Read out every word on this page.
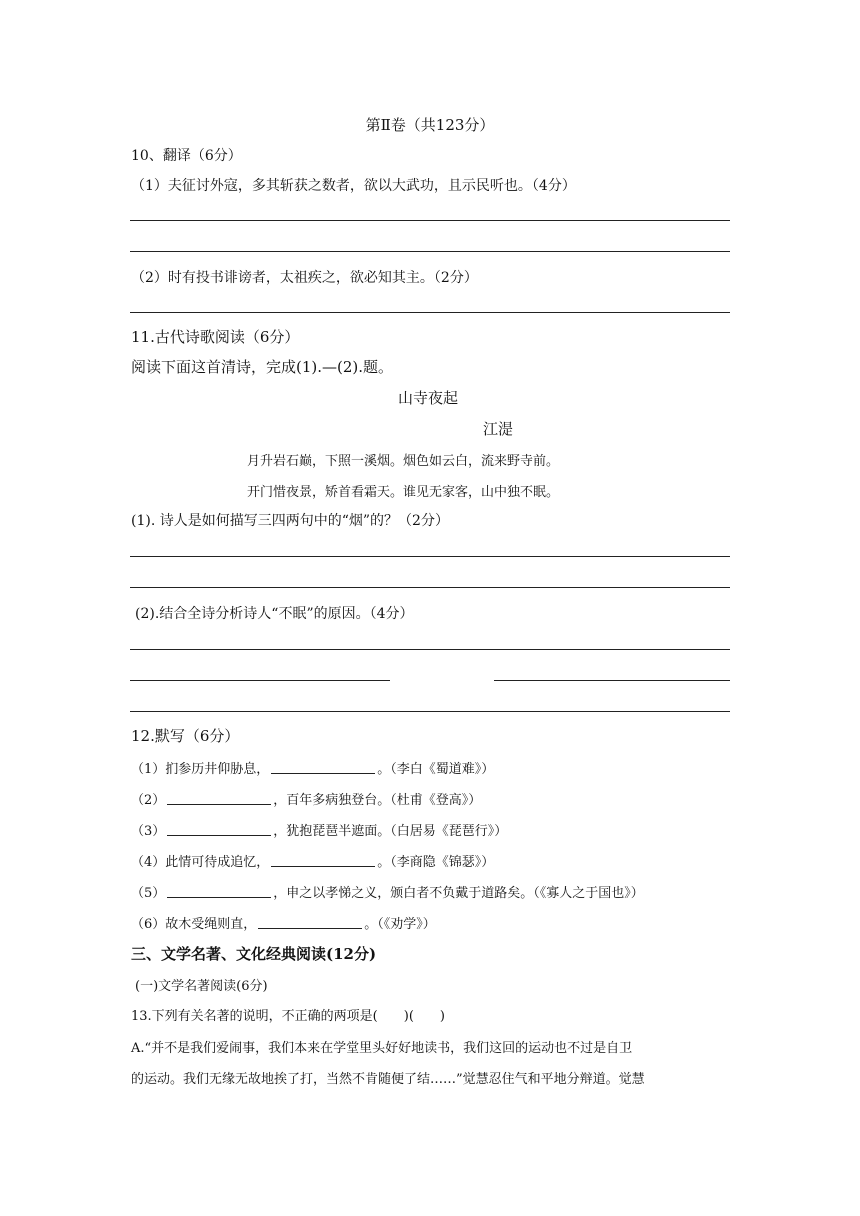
第Ⅱ卷（共123分）
10、翻译（6分）
（1）夫征讨外寇，多其斩获之数者，欲以大武功，且示民听也。（4分）
（2）时有投书诽谤者，太祖疾之，欲必知其主。（2分）
11.古代诗歌阅读（6分）
阅读下面这首清诗，完成(1).—(2).题。
山寺夜起
江湜
月升岩石巅，下照一溪烟。烟色如云白，流来野寺前。
开门惜夜景，矫首看霜天。谁见无家客，山中独不眠。
(1). 诗人是如何描写三四两句中的“烟”的？（2分）
(2).结合全诗分析诗人“不眠”的原因。（4分）
12.默写（6分）
（1）扪参历井仰胁息，	。（李白《蜀道难》）
（2）	，百年多病独登台。（杜甫《登高》）
（3）	，犹抱琵琶半遮面。（白居易《琵琶行》）
（4）此情可待成追忆，	。（李商隐《锦瑟》）
（5）	，申之以孝悌之义，颁白者不负戴于道路矣。（《寡人之于国也》）
（6）故木受绳则直，	。（《劝学》）
三、文学名著、文化经典阅读(12分)
(一)文学名著阅读(6分)
13.下列有关名著的说明，不正确的两项是(　　)(　　)
A.“并不是我们爱闹事，我们本来在学堂里头好好地读书，我们这回的运动也不过是自卫
的运动。我们无缘无故地挨了打，当然不肯随便了结……”觉慧忍住气和平地分辩道。觉慧
